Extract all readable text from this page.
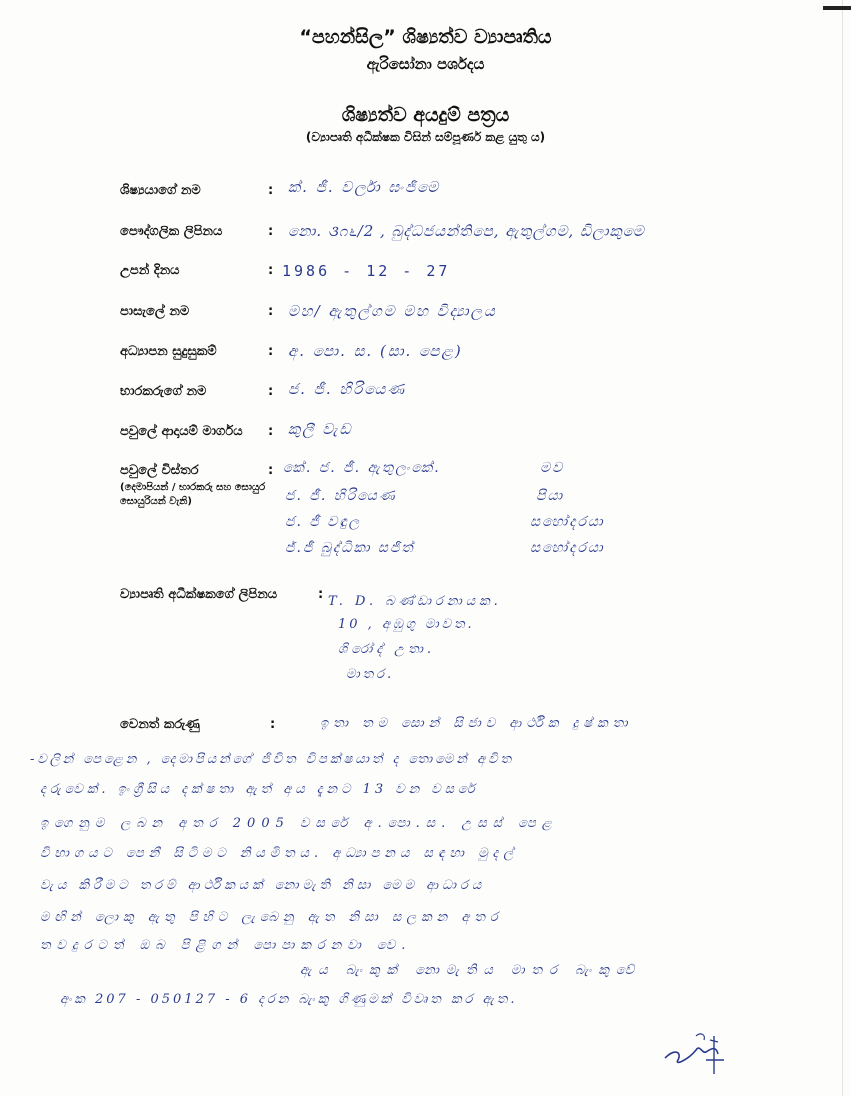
“පහන්සිල” ශිෂ්‍යත්ව ව්‍යාපෘතිය
ඇරිසෝනා පර්ශදය
ශිෂ්‍යත්ව අයදුම් පත්‍රය
(ව්‍යාපෘති අධීක්ෂක විසින් සම්පූර්ණ කළ යුතු ය)
ශිෂ්‍යයාගේ නම	: ක්. ජී. වර්ලා ඝංජිමෙ
පෞද්ගලික ලිපිනය	: නො. ૩೧೬/2 , බුද්ධජයන්තිපෙ, ඇතුල්ගම, ඩිලාකුමෙ
උපන් දිනය	: 1986 - 12 - 27
පාසැලේ නම	: මහ/ ඇතුල්ගම මහ විද්‍යාලය
අධ්‍යාපන සුදුසුකම්	: අ. පො. ස. (සා. පෙළ)
භාරකරුගේ නම	: ජ. ජී. හිරියෙණ
පවුලේ ආදායම් මාර්ගය : කුලී වැඩ
පවුලේ විස්තර
(දෙමාපියන් / භාරකරු සහ සොයුර සොයුරියන් වැනි)
: කේ. ජ. ජී. ඇතුලංකේ.	මව
ජ. ජී. හිරියෙණ	පියා
ජ. ජී වඳුල	සහෝදරයා
ජ්.ජී බුද්ධිකා සජිත්	සහෝදරයා
ව්‍යාපෘති අධීක්ෂකගේ ලිපිනය	: T. D. බණ්ඩාරනායක.
10 , අඹුගු මාවත.
ශිරෝද් උතා.
මාතර.
වෙනත් කරුණු	:	ඉතා තම සොන් සිජාව ආර්ථික දුෂ්කතා
-වලින් පෙළෙන , දෙමාපියන්ගේ ජිවිත විපක්ෂයාත් ද තොමෙන් අවිත
දරුවෙක්. ඉංග්‍රීසිය දක්ෂතා ඇත් අය දැනට 13 වන වසරේ
ඉගෙනුම ලබන අතර 2005 වසරේ අ.පො.ස. උසස් පෙළ
විභාගයට පෙනී සිටිමට නියමිතය. අධ්‍යාපනය සඳහා මුදල්
වැය කිරීමට තරම් ආර්ථිකයක් නොමැති නිසා මෙම ආධාරය
මඟින් ලොකු ඇතු පිහිට ලැබෙනු ඇත නිසා සලකන අතර
තවදුරටත් ඔබ පිළිගන් පොපාකරනවා වෙ.
ඇය බැංකුක් නොමැතිය මාතර බැංකුවේ
අංක 207 - 050127 - 6 දරන බැංකු ගිණුමක් විවෘත කර ඇත.
